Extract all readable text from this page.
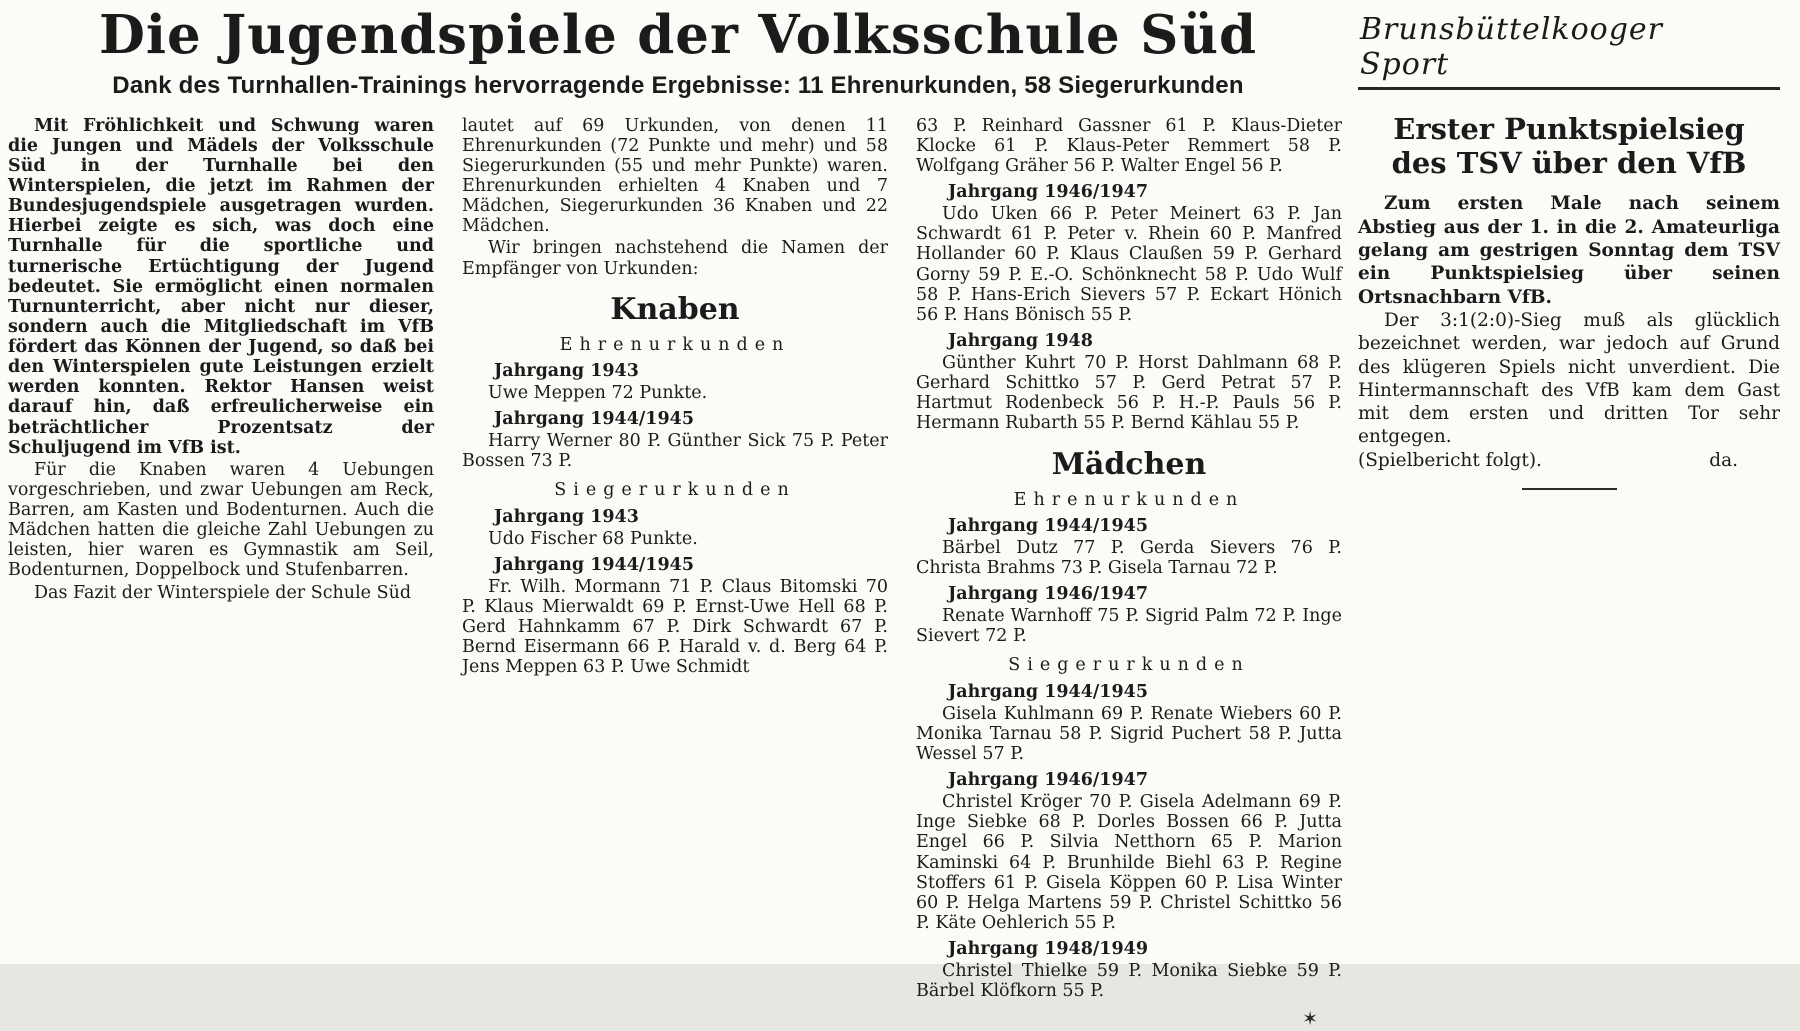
Die Jugendspiele der Volksschule Süd
Dank des Turnhallen-Trainings hervorragende Ergebnisse: 11 Ehrenurkunden, 58 Siegerurkunden

Mit Fröhlichkeit und Schwung waren die Jungen und Mädels der Volksschule Süd in der Turnhalle bei den Winterspielen, die jetzt im Rahmen der Bundesjugendspiele ausgetragen wurden. Hierbei zeigte es sich, was doch eine Turnhalle für die sportliche und turnerische Ertüchtigung der Jugend bedeutet. Sie ermöglicht einen normalen Turnunterricht, aber nicht nur dieser, sondern auch die Mitgliedschaft im VfB fördert das Können der Jugend, so daß bei den Winterspielen gute Leistungen erzielt werden konnten. Rektor Hansen weist darauf hin, daß erfreulicherweise ein beträchtlicher Prozentsatz der Schuljugend im VfB ist.

Für die Knaben waren 4 Uebungen vorgeschrieben, und zwar Uebungen am Reck, Barren, am Kasten und Bodenturnen. Auch die Mädchen hatten die gleiche Zahl Uebungen zu leisten, hier waren es Gymnastik am Seil, Bodenturnen, Doppelbock und Stufenbarren.

Das Fazit der Winterspiele der Schule Süd

lautet auf 69 Urkunden, von denen 11 Ehrenurkunden (72 Punkte und mehr) und 58 Siegerurkunden (55 und mehr Punkte) waren. Ehrenurkunden erhielten 4 Knaben und 7 Mädchen, Siegerurkunden 36 Knaben und 22 Mädchen.

Wir bringen nachstehend die Namen der Empfänger von Urkunden:

Knaben
Ehrenurkunden

Jahrgang 1943

Uwe Meppen 72 Punkte.

Jahrgang 1944/1945

Harry Werner 80 P. Günther Sick 75 P. Peter Bossen 73 P.

Siegerurkunden

Jahrgang 1943

Udo Fischer 68 Punkte.

Jahrgang 1944/1945

Fr. Wilh. Mormann 71 P. Claus Bitomski 70 P. Klaus Mierwaldt 69 P. Ernst-Uwe Hell 68 P. Gerd Hahnkamm 67 P. Dirk Schwardt 67 P. Bernd Eisermann 66 P. Harald v. d. Berg 64 P. Jens Meppen 63 P. Uwe Schmidt

63 P. Reinhard Gassner 61 P. Klaus-Dieter Klocke 61 P. Klaus-Peter Remmert 58 P. Wolfgang Gräher 56 P. Walter Engel 56 P.

Jahrgang 1946/1947

Udo Uken 66 P. Peter Meinert 63 P. Jan Schwardt 61 P. Peter v. Rhein 60 P. Manfred Hollander 60 P. Klaus Claußen 59 P. Gerhard Gorny 59 P. E.-O. Schönknecht 58 P. Udo Wulf 58 P. Hans-Erich Sievers 57 P. Eckart Hönich 56 P. Hans Bönisch 55 P.

Jahrgang 1948

Günther Kuhrt 70 P. Horst Dahlmann 68 P. Gerhard Schittko 57 P. Gerd Petrat 57 P. Hartmut Rodenbeck 56 P. H.-P. Pauls 56 P. Hermann Rubarth 55 P. Bernd Kählau 55 P.

Mädchen
Ehrenurkunden

Jahrgang 1944/1945

Bärbel Dutz 77 P. Gerda Sievers 76 P. Christa Brahms 73 P. Gisela Tarnau 72 P.

Jahrgang 1946/1947

Renate Warnhoff 75 P. Sigrid Palm 72 P. Inge Sievert 72 P.

Siegerurkunden

Jahrgang 1944/1945

Gisela Kuhlmann 69 P. Renate Wiebers 60 P. Monika Tarnau 58 P. Sigrid Puchert 58 P. Jutta Wessel 57 P.

Jahrgang 1946/1947

Christel Kröger 70 P. Gisela Adelmann 69 P. Inge Siebke 68 P. Dorles Bossen 66 P. Jutta Engel 66 P. Silvia Netthorn 65 P. Marion Kaminski 64 P. Brunhilde Biehl 63 P. Regine Stoffers 61 P. Gisela Köppen 60 P. Lisa Winter 60 P. Helga Martens 59 P. Christel Schittko 56 P. Käte Oehlerich 55 P.

Jahrgang 1948/1949

Christel Thielke 59 P. Monika Siebke 59 P. Bärbel Klöfkorn 55 P.

✶
Brunsbüttelkooger Sport
Erster Punktspielsieg
des TSV über den VfB

Zum ersten Male nach seinem Abstieg aus der 1. in die 2. Amateurliga gelang am gestrigen Sonntag dem TSV ein Punktspielsieg über seinen Ortsnachbarn VfB.

Der 3:1(2:0)-Sieg muß als glücklich bezeichnet werden, war jedoch auf Grund des klügeren Spiels nicht unverdient. Die Hintermannschaft des VfB kam dem Gast mit dem ersten und dritten Tor sehr entgegen.

(Spielbericht folgt).	da.
